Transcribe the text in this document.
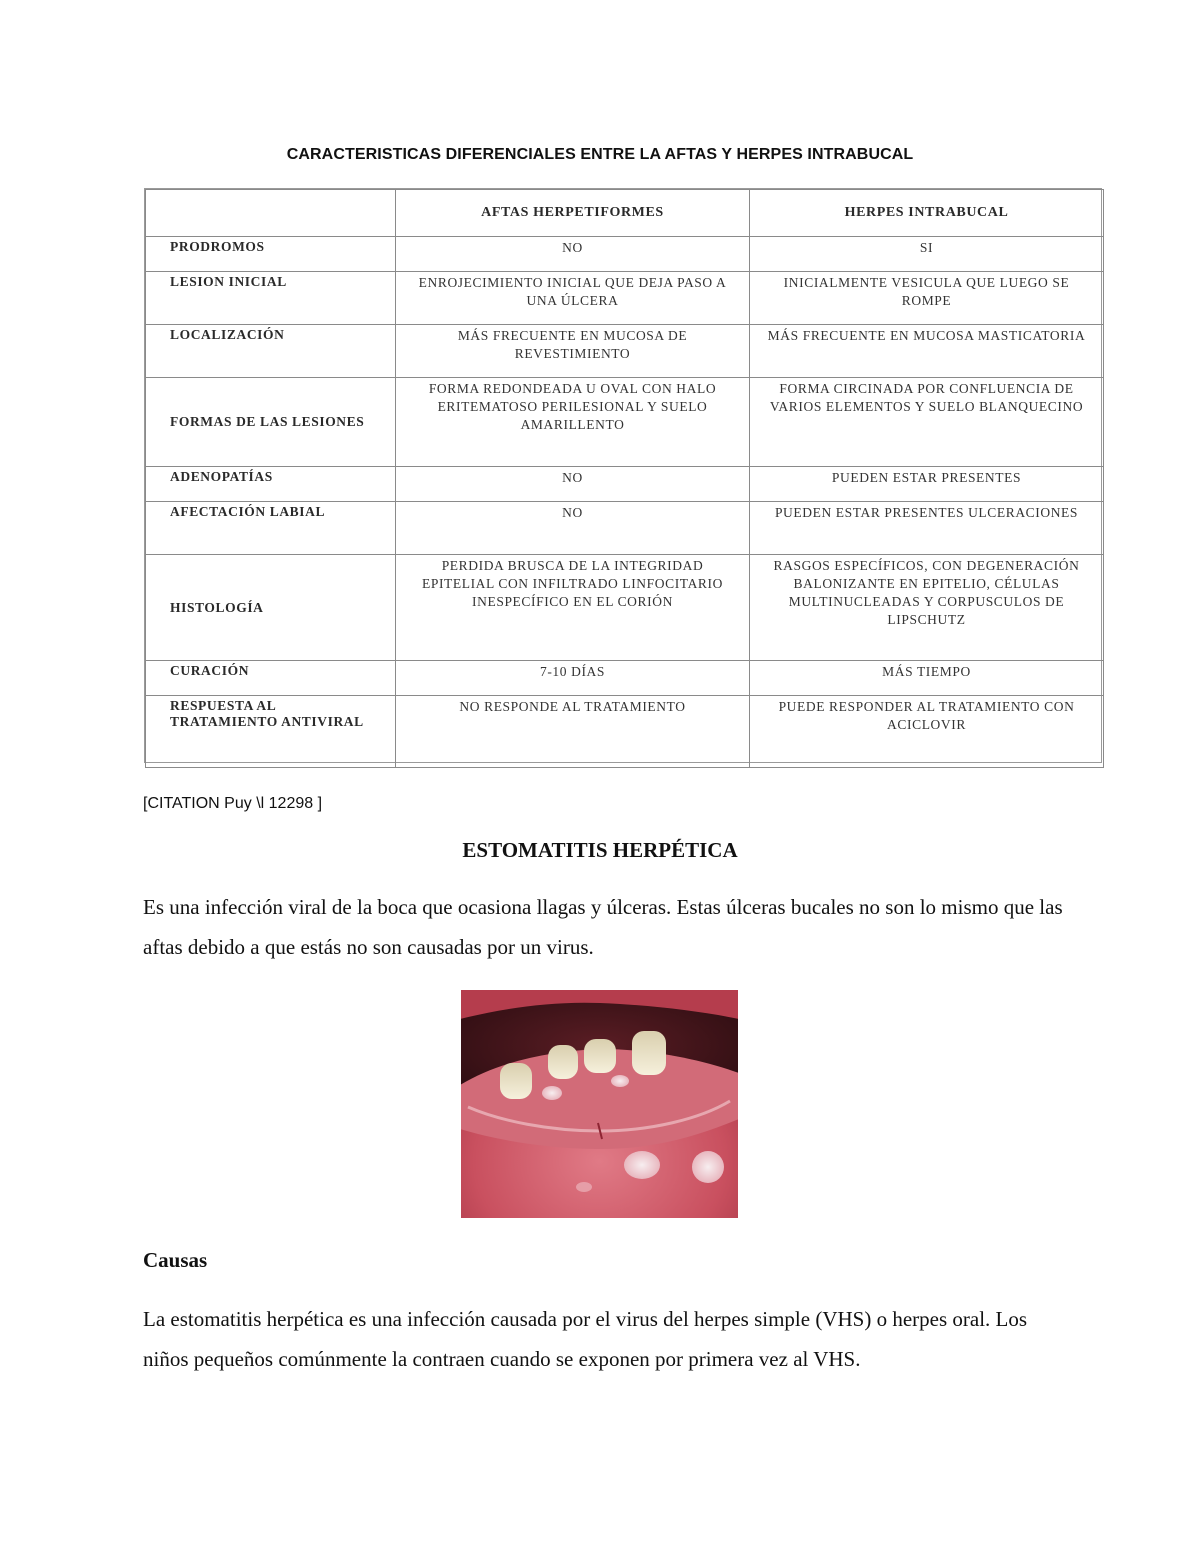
CARACTERISTICAS DIFERENCIALES ENTRE LA AFTAS Y HERPES INTRABUCAL
	AFTAS HERPETIFORMES	HERPES INTRABUCAL
PRODROMOS	NO	SI
LESION INICIAL	ENROJECIMIENTO INICIAL QUE DEJA PASO A UNA ÚLCERA	INICIALMENTE VESICULA QUE LUEGO SE ROMPE
LOCALIZACIÓN	MÁS FRECUENTE EN MUCOSA DE REVESTIMIENTO	MÁS FRECUENTE EN MUCOSA MASTICATORIA
FORMAS DE LAS LESIONES	FORMA REDONDEADA U OVAL CON HALO ERITEMATOSO PERILESIONAL Y SUELO AMARILLENTO	FORMA CIRCINADA POR CONFLUENCIA DE VARIOS ELEMENTOS Y SUELO BLANQUECINO
ADENOPATÍAS	NO	PUEDEN ESTAR PRESENTES
AFECTACIÓN LABIAL	NO	PUEDEN ESTAR PRESENTES ULCERACIONES
HISTOLOGÍA	PERDIDA BRUSCA DE LA INTEGRIDAD EPITELIAL CON INFILTRADO LINFOCITARIO INESPECÍFICO EN EL CORIÓN	RASGOS ESPECÍFICOS, CON DEGENERACIÓN BALONIZANTE EN EPITELIO, CÉLULAS MULTINUCLEADAS Y CORPUSCULOS DE LIPSCHUTZ
CURACIÓN	7-10 DÍAS	MÁS TIEMPO
RESPUESTA AL TRATAMIENTO ANTIVIRAL	NO RESPONDE AL TRATAMIENTO	PUEDE RESPONDER AL TRATAMIENTO CON ACICLOVIR
[CITATION Puy \l 12298 ]
ESTOMATITIS HERPÉTICA
Es una infección viral de la boca que ocasiona llagas y úlceras. Estas úlceras bucales no son lo mismo que las aftas debido a que estás no son causadas por un virus.
Causas
La estomatitis herpética es una infección causada por el virus del herpes simple (VHS) o herpes oral. Los niños pequeños comúnmente la contraen cuando se exponen por primera vez al VHS.
